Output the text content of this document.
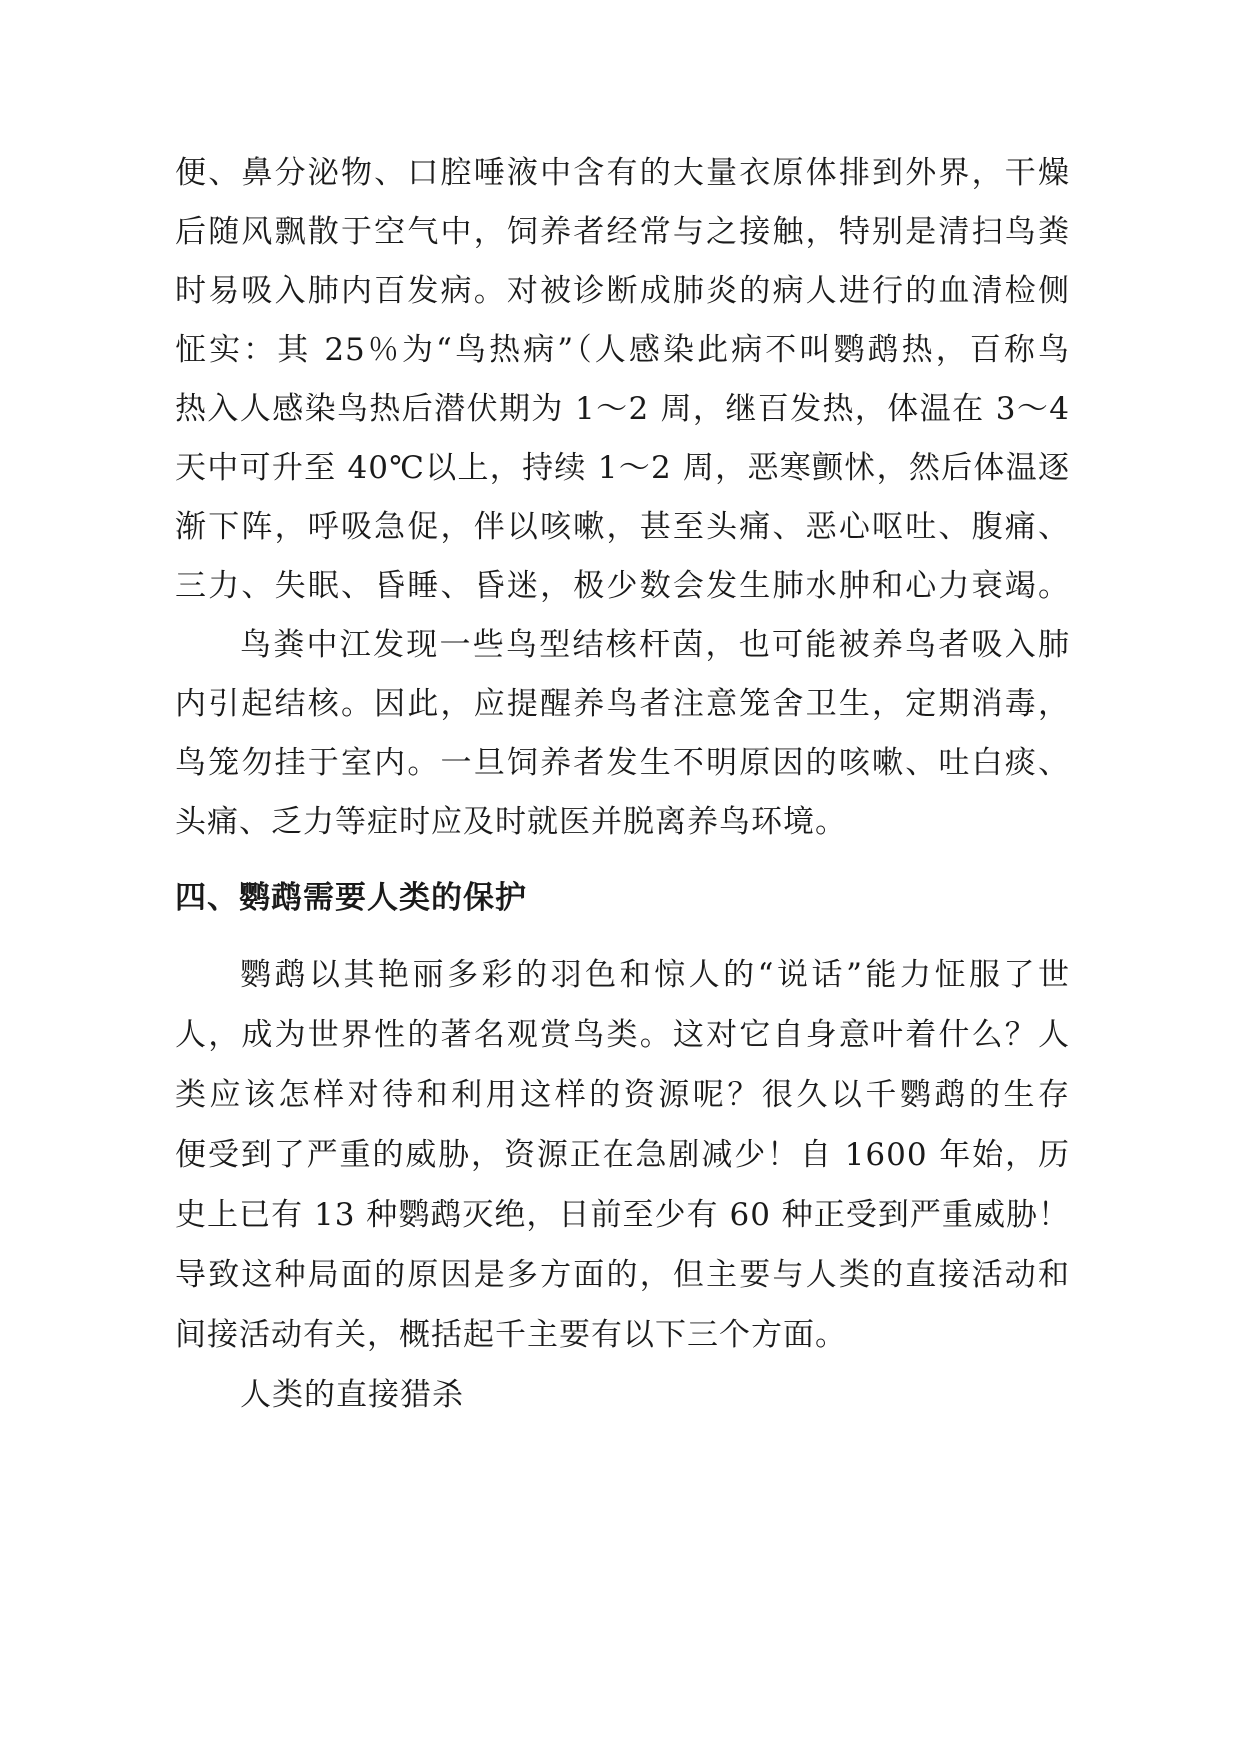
便、鼻分泌物、口腔唾液中含有的大量衣原体排到外界，干燥
后随风飘散于空气中，饲养者经常与之接触，特别是清扫鸟粪
时易吸入肺内百发病。对被诊断成肺炎的病人进行的血清检侧
怔实：其 25％为“鸟热病”（人感染此病不叫鹦鹉热，百称鸟
热入人感染鸟热后潜伏期为 1～2 周，继百发热，体温在 3～4
天中可升至 40℃以上，持续 1～2 周，恶寒颤怵，然后体温逐
渐下阵，呼吸急促，伴以咳嗽，甚至头痛、恶心呕吐、腹痛、
三力、失眠、昏睡、昏迷，极少数会发生肺水肿和心力衰竭。
鸟粪中江发现一些鸟型结核杆茵，也可能被养鸟者吸入肺
内引起结核。因此，应提醒养鸟者注意笼舍卫生，定期消毒，
鸟笼勿挂于室内。一旦饲养者发生不明原因的咳嗽、吐白痰、
头痛、乏力等症时应及时就医并脱离养鸟环境。
四、鹦鹉需要人类的保护
鹦鹉以其艳丽多彩的羽色和惊人的“说话”能力怔服了世
人，成为世界性的著名观赏鸟类。这对它自身意叶着什么？人
类应该怎样对待和利用这样的资源呢？很久以千鹦鹉的生存
便受到了严重的威胁，资源正在急剧减少！自 1600 年始，历
史上已有 13 种鹦鹉灭绝，日前至少有 60 种正受到严重威胁！
导致这种局面的原因是多方面的，但主要与人类的直接活动和
间接活动有关，概括起千主要有以下三个方面。
人类的直接猎杀
